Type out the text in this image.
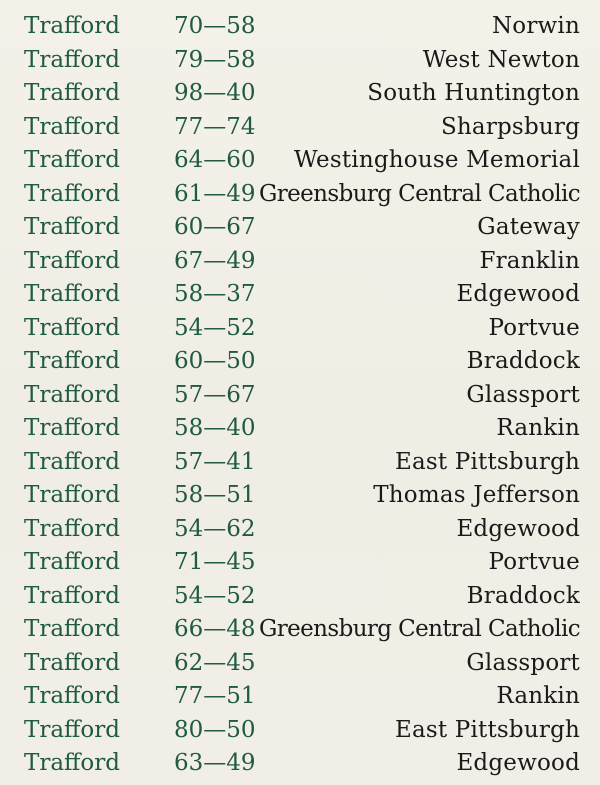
Trafford 70—58	Norwin
Trafford 79—58	West Newton
Trafford 98—40	South Huntington
Trafford 77—74	Sharpsburg
Trafford 64—60 Westinghouse Memorial
Trafford 61—49 Greensburg Central Catholic
Trafford 60—67	Gateway
Trafford 67—49	Franklin
Trafford 58—37	Edgewood
Trafford 54—52	Portvue
Trafford 60—50	Braddock
Trafford 57—67	Glassport
Trafford 58—40	Rankin
Trafford 57—41	East Pittsburgh
Trafford 58—51	Thomas Jefferson
Trafford 54—62	Edgewood
Trafford 71—45	Portvue
Trafford 54—52	Braddock
Trafford 66—48 Greensburg Central Catholic
Trafford 62—45	Glassport
Trafford 77—51	Rankin
Trafford 80—50	East Pittsburgh
Trafford 63—49	Edgewood
